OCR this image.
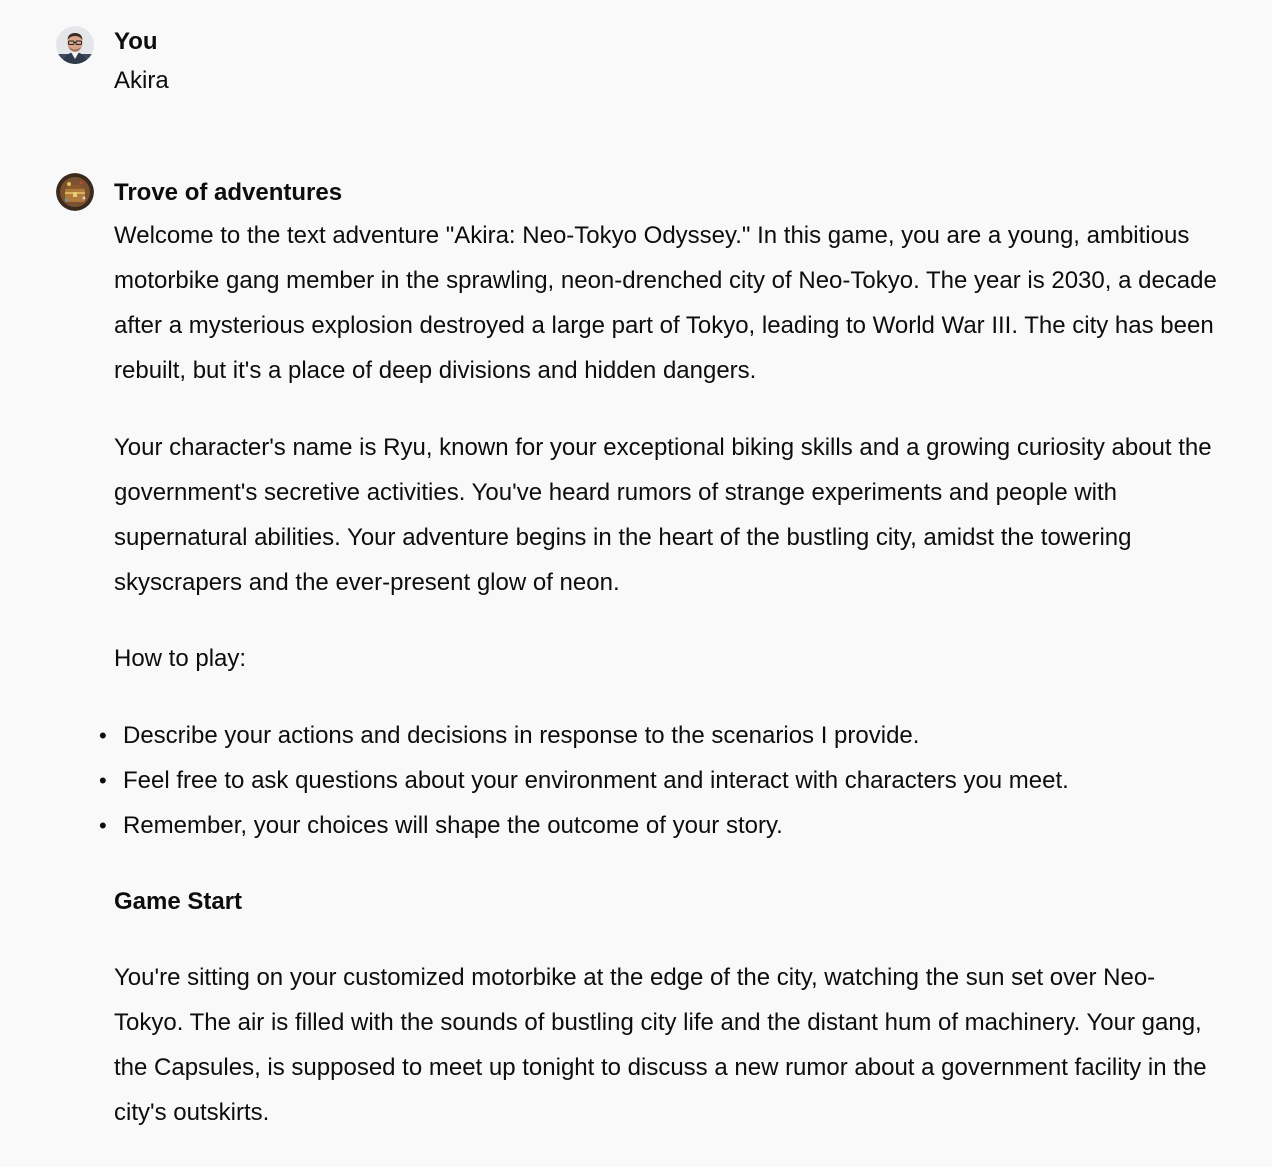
You
Akira
Trove of adventures

Welcome to the text adventure "Akira: Neo-Tokyo Odyssey." In this game, you are a young, ambitious motorbike gang member in the sprawling, neon-drenched city of Neo-Tokyo. The year is 2030, a decade after a mysterious explosion destroyed a large part of Tokyo, leading to World War III. The city has been rebuilt, but it's a place of deep divisions and hidden dangers.

Your character's name is Ryu, known for your exceptional biking skills and a growing curiosity about the government's secretive activities. You've heard rumors of strange experiments and people with supernatural abilities. Your adventure begins in the heart of the bustling city, amidst the towering skyscrapers and the ever-present glow of neon.

How to play:

• Describe your actions and decisions in response to the scenarios I provide.
• Feel free to ask questions about your environment and interact with characters you meet.
• Remember, your choices will shape the outcome of your story.

Game Start

You're sitting on your customized motorbike at the edge of the city, watching the sun set over Neo-Tokyo. The air is filled with the sounds of bustling city life and the distant hum of machinery. Your gang, the Capsules, is supposed to meet up tonight to discuss a new rumor about a government facility in the city's outskirts.
